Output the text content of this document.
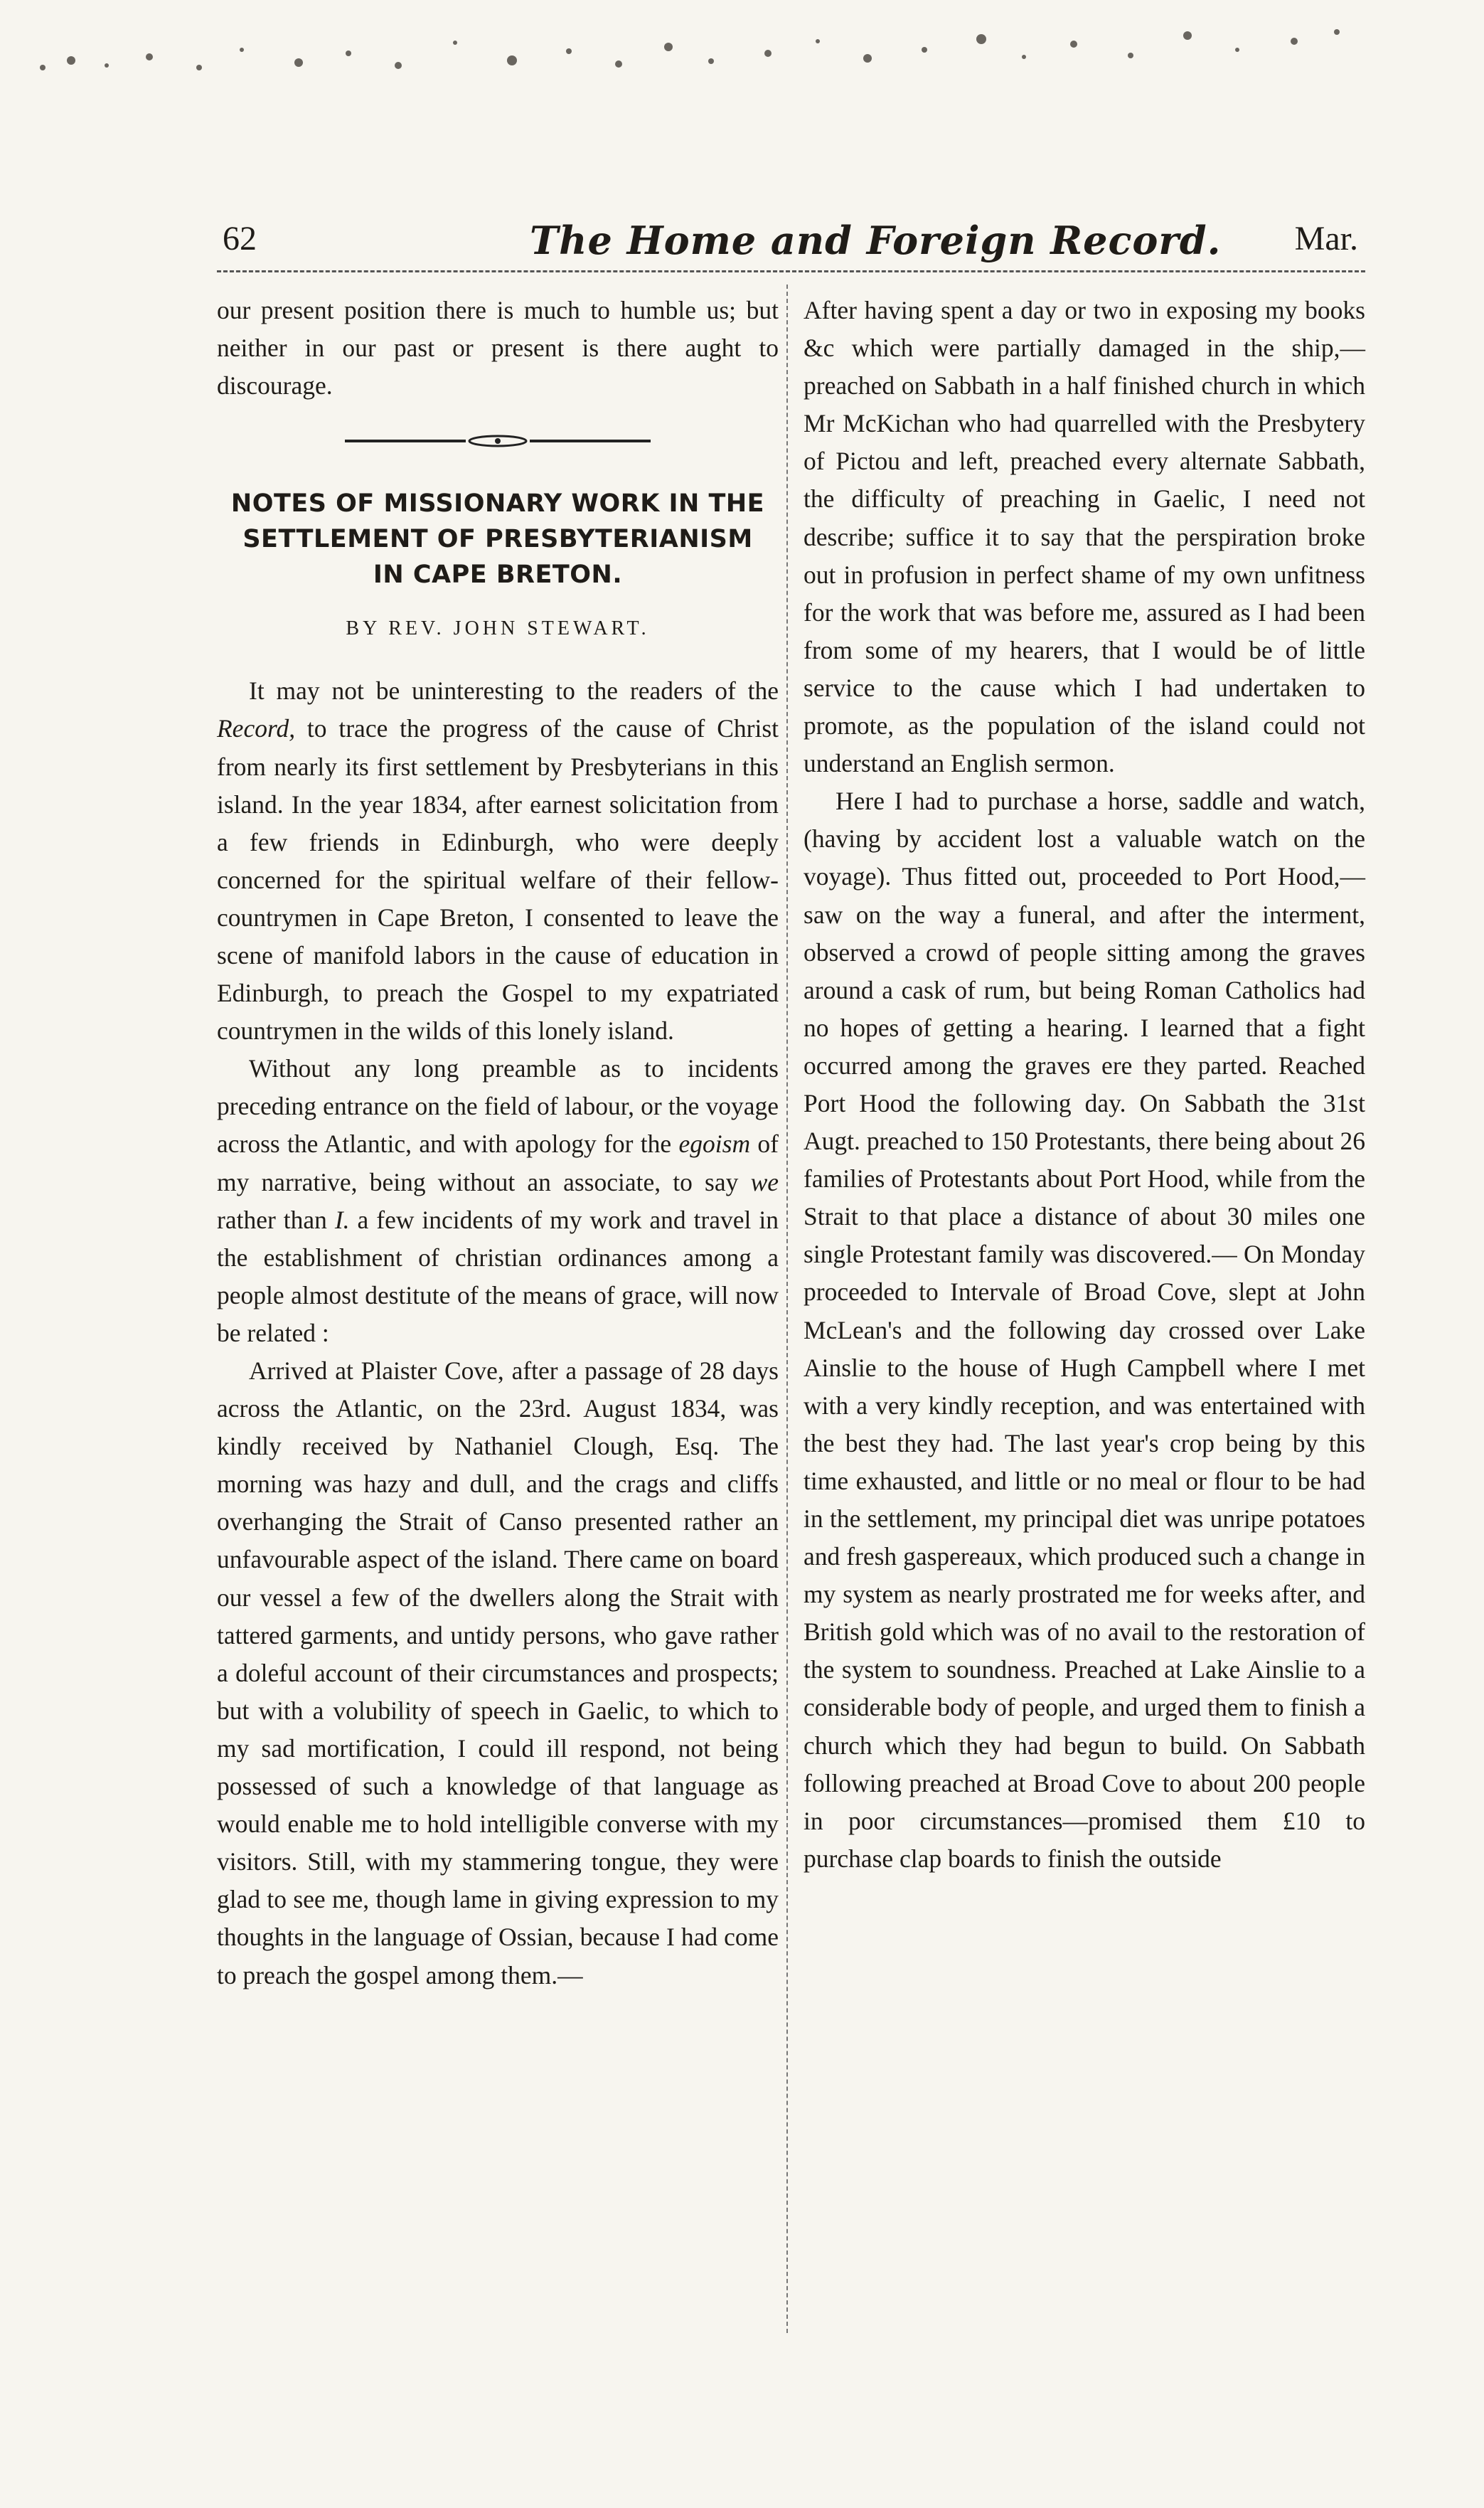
62	The Home and Foreign Record. Mar.

our present position there is much to humble us; but neither in our past or present is there aught to discourage.

NOTES OF MISSIONARY WORK IN THE SETTLEMENT OF PRESBYTERIANISM IN CAPE BRETON.
BY REV. JOHN STEWART.

It may not be uninteresting to the readers of the Record, to trace the progress of the cause of Christ from nearly its first settlement by Presbyterians in this island. In the year 1834, after earnest solicitation from a few friends in Edinburgh, who were deeply concerned for the spiritual welfare of their fellow-countrymen in Cape Breton, I consented to leave the scene of manifold labors in the cause of education in Edinburgh, to preach the Gospel to my expatriated countrymen in the wilds of this lonely island.

Without any long preamble as to incidents preceding entrance on the field of labour, or the voyage across the Atlantic, and with apology for the egoism of my narrative, being without an associate, to say we rather than I. a few incidents of my work and travel in the establishment of christian ordinances among a people almost destitute of the means of grace, will now be related :

Arrived at Plaister Cove, after a passage of 28 days across the Atlantic, on the 23rd. August 1834, was kindly received by Nathaniel Clough, Esq. The morning was hazy and dull, and the crags and cliffs overhanging the Strait of Canso presented rather an unfavourable aspect of the island. There came on board our vessel a few of the dwellers along the Strait with tattered garments, and untidy persons, who gave rather a doleful account of their circumstances and prospects; but with a volubility of speech in Gaelic, to which to my sad mortification, I could ill respond, not being possessed of such a knowledge of that language as would enable me to hold intelligible converse with my visitors. Still, with my stammering tongue, they were glad to see me, though lame in giving expression to my thoughts in the language of Ossian, because I had come to preach the gospel among them.—

After having spent a day or two in exposing my books &c which were partially damaged in the ship,—preached on Sabbath in a half finished church in which Mr McKichan who had quarrelled with the Presbytery of Pictou and left, preached every alternate Sabbath, the difficulty of preaching in Gaelic, I need not describe; suffice it to say that the perspiration broke out in profusion in perfect shame of my own unfitness for the work that was before me, assured as I had been from some of my hearers, that I would be of little service to the cause which I had undertaken to promote, as the population of the island could not understand an English sermon.

Here I had to purchase a horse, saddle and watch, (having by accident lost a valuable watch on the voyage). Thus fitted out, proceeded to Port Hood,—saw on the way a funeral, and after the interment, observed a crowd of people sitting among the graves around a cask of rum, but being Roman Catholics had no hopes of getting a hearing. I learned that a fight occurred among the graves ere they parted. Reached Port Hood the following day. On Sabbath the 31st Augt. preached to 150 Protestants, there being about 26 families of Protestants about Port Hood, while from the Strait to that place a distance of about 30 miles one single Protestant family was discovered.— On Monday proceeded to Intervale of Broad Cove, slept at John McLean's and the following day crossed over Lake Ainslie to the house of Hugh Campbell where I met with a very kindly reception, and was entertained with the best they had. The last year's crop being by this time exhausted, and little or no meal or flour to be had in the settlement, my principal diet was unripe potatoes and fresh gaspereaux, which produced such a change in my system as nearly prostrated me for weeks after, and British gold which was of no avail to the restoration of the system to soundness. Preached at Lake Ainslie to a considerable body of people, and urged them to finish a church which they had begun to build. On Sabbath following preached at Broad Cove to about 200 people in poor circumstances—promised them £10 to purchase clap boards to finish the outside
